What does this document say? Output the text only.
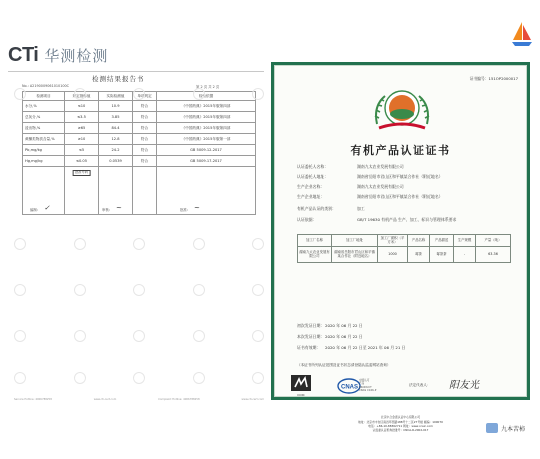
CTi 华测检测
检测结果报告书
No.: A2190009061010100C	第 2 页 共 2 页
检测项目	规定指标值	实际检测值	单项判定	检验依据
水分,%	≤10	10.9	符合	《中国药典》2015年版第四部
总灰分,%	≤3.5	3.85	符合	《中国药典》2015年版第四部
浸出物,%	≥65	84.4	符合	《中国药典》2015年版第四部
黄酮类物质含量,%	≥10	12.8	符合	《中国药典》2015年版第一部
Pb,mg/kg	≤5	24.2	符合	GB 5009.12-2017
Hg,mg/kg	≤0.05	0.0539	符合	GB 5009.17-2017

	批准号码			

编制: ✓	审核: ~	批准: ~
Service Hotline: 4006788258	www.cti-cert.com	Complaint Hotline: 4006788258	www.cti-cert.com
证书编号：151OP2000017
有机产品认证证书
认证委托人名称：	湖南九太农业发展有限公司
认证委托人地址：	湖南省岳阳市君山区和平镇某合作社（附近地名）
生产企业名称：	湖南九太农业发展有限公司
生产企业地址：	湖南省岳阳市君山区和平镇某合作社（附近地名）
有机产品认证的类别：	加工
认证依据：	GB/T 19630 有机产品 生产、加工、标识与管理体系要求
加工厂名称	加工厂地址	加工厂面积（平方米）	产品名称	产品描述	生产规模	产量（吨）
湖南九太农业发展有限公司	湖南省岳阳市君山区和平镇某合作社（附近地名）	1000	莓茶	莓茶茶	-	63.36
初次发证日期： 2020 年 06 月 22 日
本次发证日期： 2020 年 06 月 22 日
证书有效期： 2020 年 06 月 22 日至 2021 年 06 月 21 日
（本证书所列认证范围及证书状态请登陆认监委网站查询）
COIC
CNAS
中国认可
产品
PRODUCT
CNAS C166-P
法定代表人： 阳友光
北京中合金诺认证中心有限公司
地址：北京市丰台区南四环西路188号十二区27号楼 邮编：100070
电话：+86-10-88362711 网址：www.ccaic.com
认监委认证机构批准号：CNCA-R-2002-017	九本苦柿
